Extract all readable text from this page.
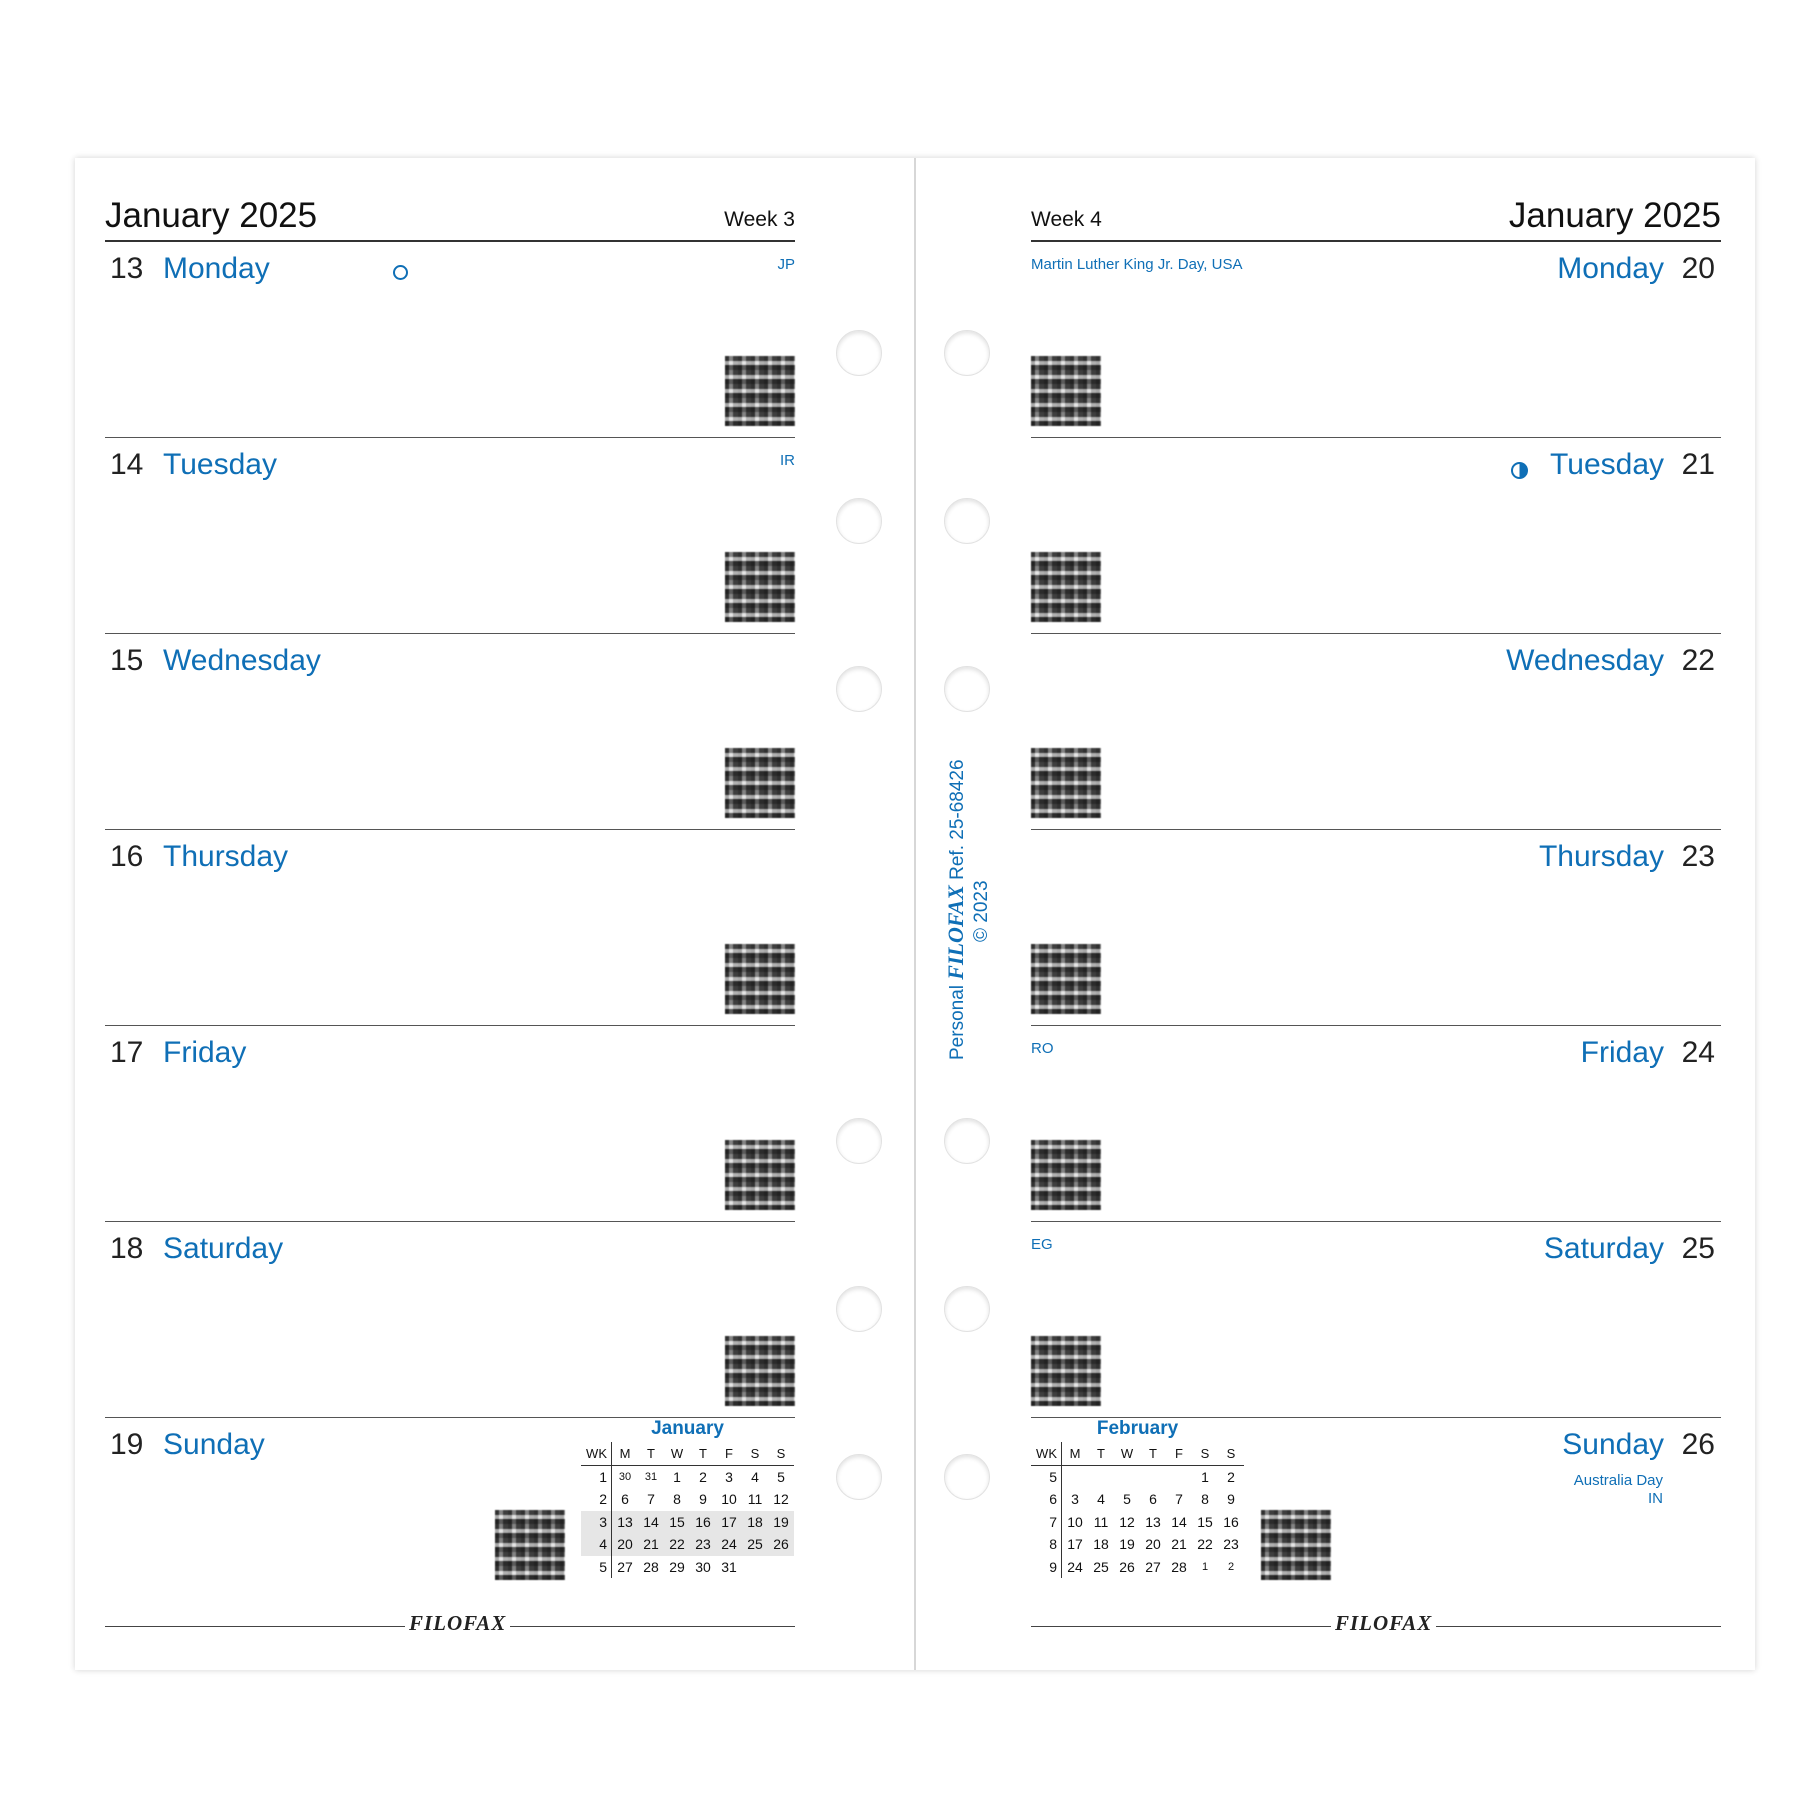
January 2025	Week 3
13 Monday	JP
14 Tuesday	IR
15 Wednesday
16 Thursday
17 Friday
18 Saturday
19 Sunday	January
WK	M	T	W	T	F	S	S
1	30	31	1	2	3	4	5
2	6	7	8	9	10	11	12
3	13	14	15	16	17	18	19
4	20	21	22	23	24	25	26
5	27	28	29	30	31		
FILOFAX
Week 4	January 2025
Martin Luther King Jr. Day, USA	Monday 20
Tuesday 21
Wednesday 22
Thursday 23
RO	Friday 24
EG	Saturday 25
Sunday 26
Australia Day
IN
February
WK	M	T	W	T	F	S	S
5						1	2
6	3	4	5	6	7	8	9
7	10	11	12	13	14	15	16
8	17	18	19	20	21	22	23
9	24	25	26	27	28	1	2
FILOFAX
Personal FILOFAX Ref. 25-68426
© 2023
